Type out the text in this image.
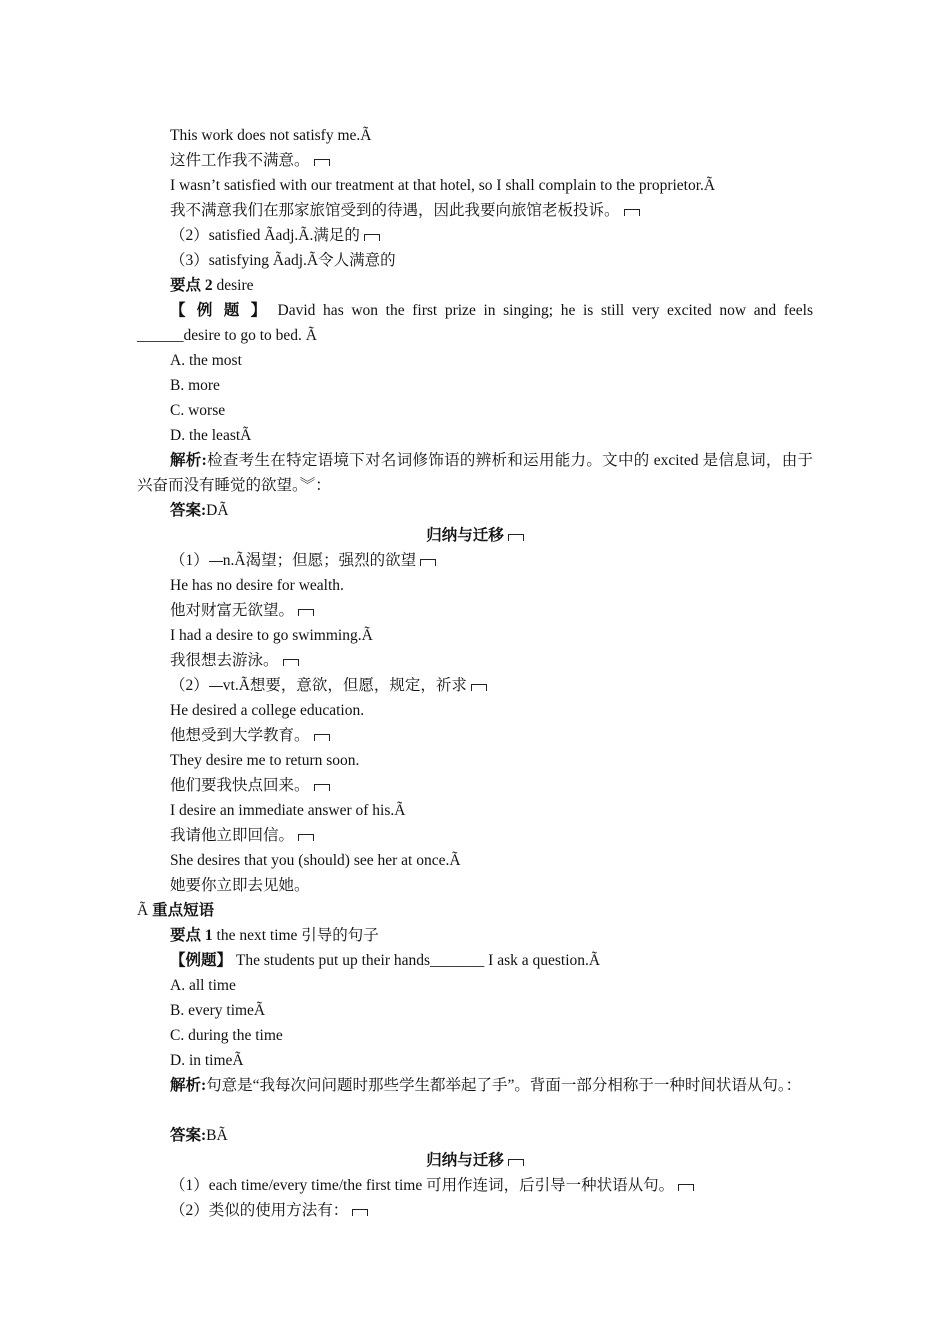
This work does not satisfy me.Ã
这件工作我不满意。
I wasn’t satisfied with our treatment at that hotel, so I shall complain to the proprietor.Ã
我不满意我们在那家旅馆受到的待遇，因此我要向旅馆老板投诉。
（2）satisfied Ãadj.Ã.满足的
（3）satisfying Ãadj.Ã令人满意的
要点 2 desire
【 例 题 】 David has won the first prize in singing; he is still very excited now and feels ______desire to go to bed. Ã
A. the most
B. more
C. worse
D. the leastÃ
解析:检查考生在特定语境下对名词修饰语的辨析和运用能力。文中的 excited 是信息词，由于兴奋而没有睡觉的欲望。︾：
答案:DÃ
归纳与迁移
（1） n.Ã渴望；但愿；强烈的欲望
He has no desire for wealth.
他对财富无欲望。
I had a desire to go swimming.Ã
我很想去游泳。
（2） vt.Ã想要，意欲，但愿，规定，祈求
He desired a college education.
他想受到大学教育。
They desire me to return soon.
他们要我快点回来。
I desire an immediate answer of his.Ã
我请他立即回信。
She desires that you (should) see her at once.Ã
她要你立即去见她。
Ã 重点短语
要点 1 the next time 引导的句子
【例题】 The students put up their hands_______ I ask a question.Ã
A. all time
B. every timeÃ
C. during the time
D. in timeÃ
解析:句意是“我每次问问题时那些学生都举起了手”。背面一部分相称于一种时间状语从句。：
答案:BÃ
归纳与迁移
（1）each time/every time/the first time 可用作连词，后引导一种状语从句。
（2）类似的使用方法有：
